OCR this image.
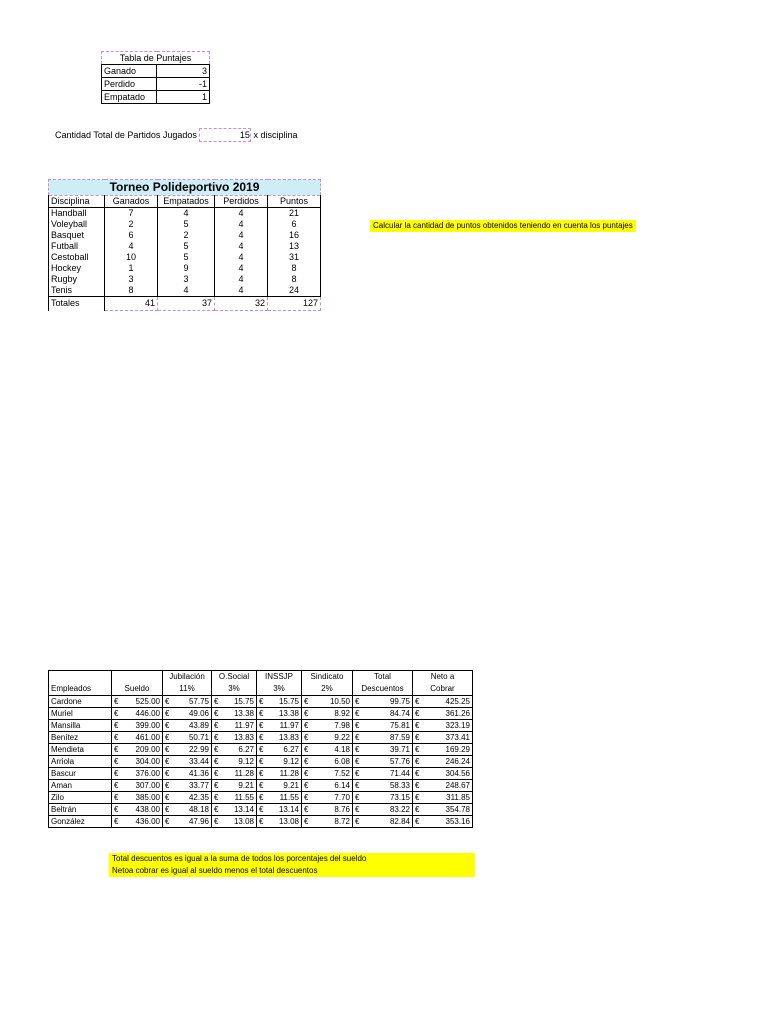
Tabla de Puntajes	
Ganado	3
Perdido	-1
Empatado	1
Cantidad Total de Partidos Jugados	15 x disciplina
Torneo Polideportivo 2019				
Disciplina	Ganados	Empatados	Perdidos	Puntos
Handball	7	4	4	21
Voleyball	2	5	4	6
Basquet	6	2	4	16
Futball	4	5	4	13
Cestoball	10	5	4	31
Hockey	1	9	4	8
Rugby	3	3	4	8
Tenis	8	4	4	24
Totales	41	37	32	127
Calcular la cantidad de puntos obtenidos teniendo en cuenta los puntajes
		Jubilación	O.Social	INSSJP	Sindicato	Total	Neto a
Empleados	Sueldo	11%	3%	3%	2%	Descuentos	Cobrar
Cardone	€ 525.00	€ 57.75	€ 15.75	€ 15.75	€ 10.50	€ 99.75	€ 425.25
Muriel	€ 446.00	€ 49.06	€ 13.38	€ 13.38	€ 8.92	€ 84.74	€ 361.26
Mansilla	€ 399.00	€ 43.89	€ 11.97	€ 11.97	€ 7.98	€ 75.81	€ 323.19
Benítez	€ 461.00	€ 50.71	€ 13.83	€ 13.83	€ 9.22	€ 87.59	€ 373.41
Mendieta	€ 209.00	€ 22.99	€ 6.27	€ 6.27	€ 4.18	€ 39.71	€ 169.29
Arriola	€ 304.00	€ 33.44	€ 9.12	€ 9.12	€ 6.08	€ 57.76	€ 246.24
Bascur	€ 376.00	€ 41.36	€ 11.28	€ 11.28	€ 7.52	€ 71.44	€ 304.56
Aman	€ 307.00	€ 33.77	€ 9.21	€ 9.21	€ 6.14	€ 58.33	€ 248.67
Zilo	€ 385.00	€ 42.35	€ 11.55	€ 11.55	€ 7.70	€ 73.15	€ 311.85
Beltrán	€ 438.00	€ 48.18	€ 13.14	€ 13.14	€ 8.76	€ 83.22	€ 354.78
González	€ 436.00	€ 47.96	€ 13.08	€ 13.08	€ 8.72	€ 82.84	€ 353.16
Total descuentos es igual a la suma de todos los porcentajes del sueldo
Netoa cobrar es igual al sueldo menos el total descuentos
